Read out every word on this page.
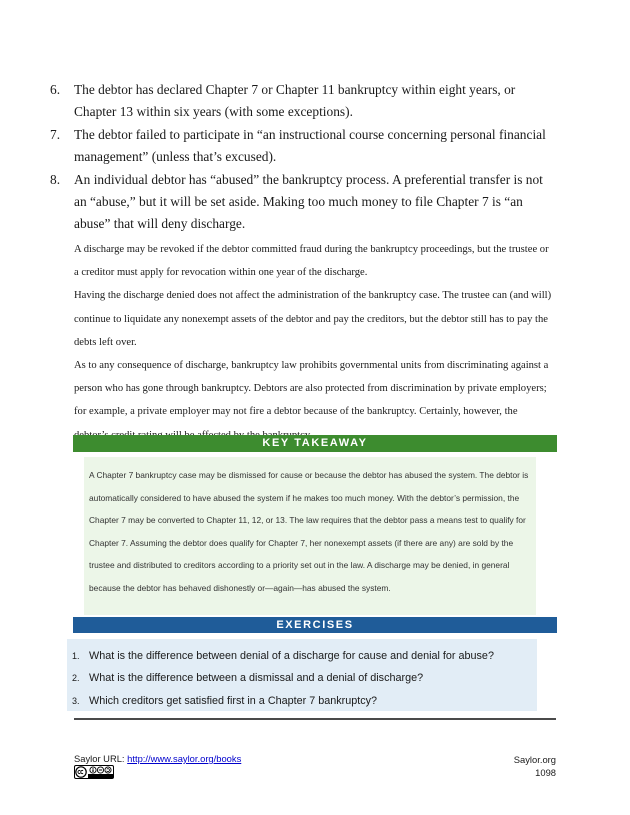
6.	The debtor has declared Chapter 7 or Chapter 11 bankruptcy within eight years, or Chapter 13 within six years (with some exceptions).
7.	The debtor failed to participate in “an instructional course concerning personal financial management” (unless that’s excused).
8.	An individual debtor has “abused” the bankruptcy process. A preferential transfer is not an “abuse,” but it will be set aside. Making too much money to file Chapter 7 is “an abuse” that will deny discharge.

A discharge may be revoked if the debtor committed fraud during the bankruptcy proceedings, but the trustee or a creditor must apply for revocation within one year of the discharge.

Having the discharge denied does not affect the administration of the bankruptcy case. The trustee can (and will) continue to liquidate any nonexempt assets of the debtor and pay the creditors, but the debtor still has to pay the debts left over.

As to any consequence of discharge, bankruptcy law prohibits governmental units from discriminating against a person who has gone through bankruptcy. Debtors are also protected from discrimination by private employers; for example, a private employer may not fire a debtor because of the bankruptcy. Certainly, however, the

KEY TAKEAWAY

A Chapter 7 bankruptcy case may be dismissed for cause or because the debtor has abused the system. The debtor is automatically considered to have abused the system if he makes too much money. With the debtor’s permission, the Chapter 7 may be converted to Chapter 11, 12, or 13. The law requires that the debtor pass a means test to qualify for Chapter 7. Assuming the debtor does qualify for Chapter 7, her nonexempt assets (if there are any) are sold by the trustee and distributed to creditors according to a priority set out in the law. A discharge may be denied, in general because the debtor has behaved dishonestly or—again—has abused the system.

EXERCISES
1. What is the difference between denial of a discharge for cause and denial for abuse?
2. What is the difference between a dismissal and a denial of discharge?
3. Which creditors get satisfied first in a Chapter 7 bankruptcy?
Saylor URL: http://www.saylor.org/books	Saylor.org
1098
